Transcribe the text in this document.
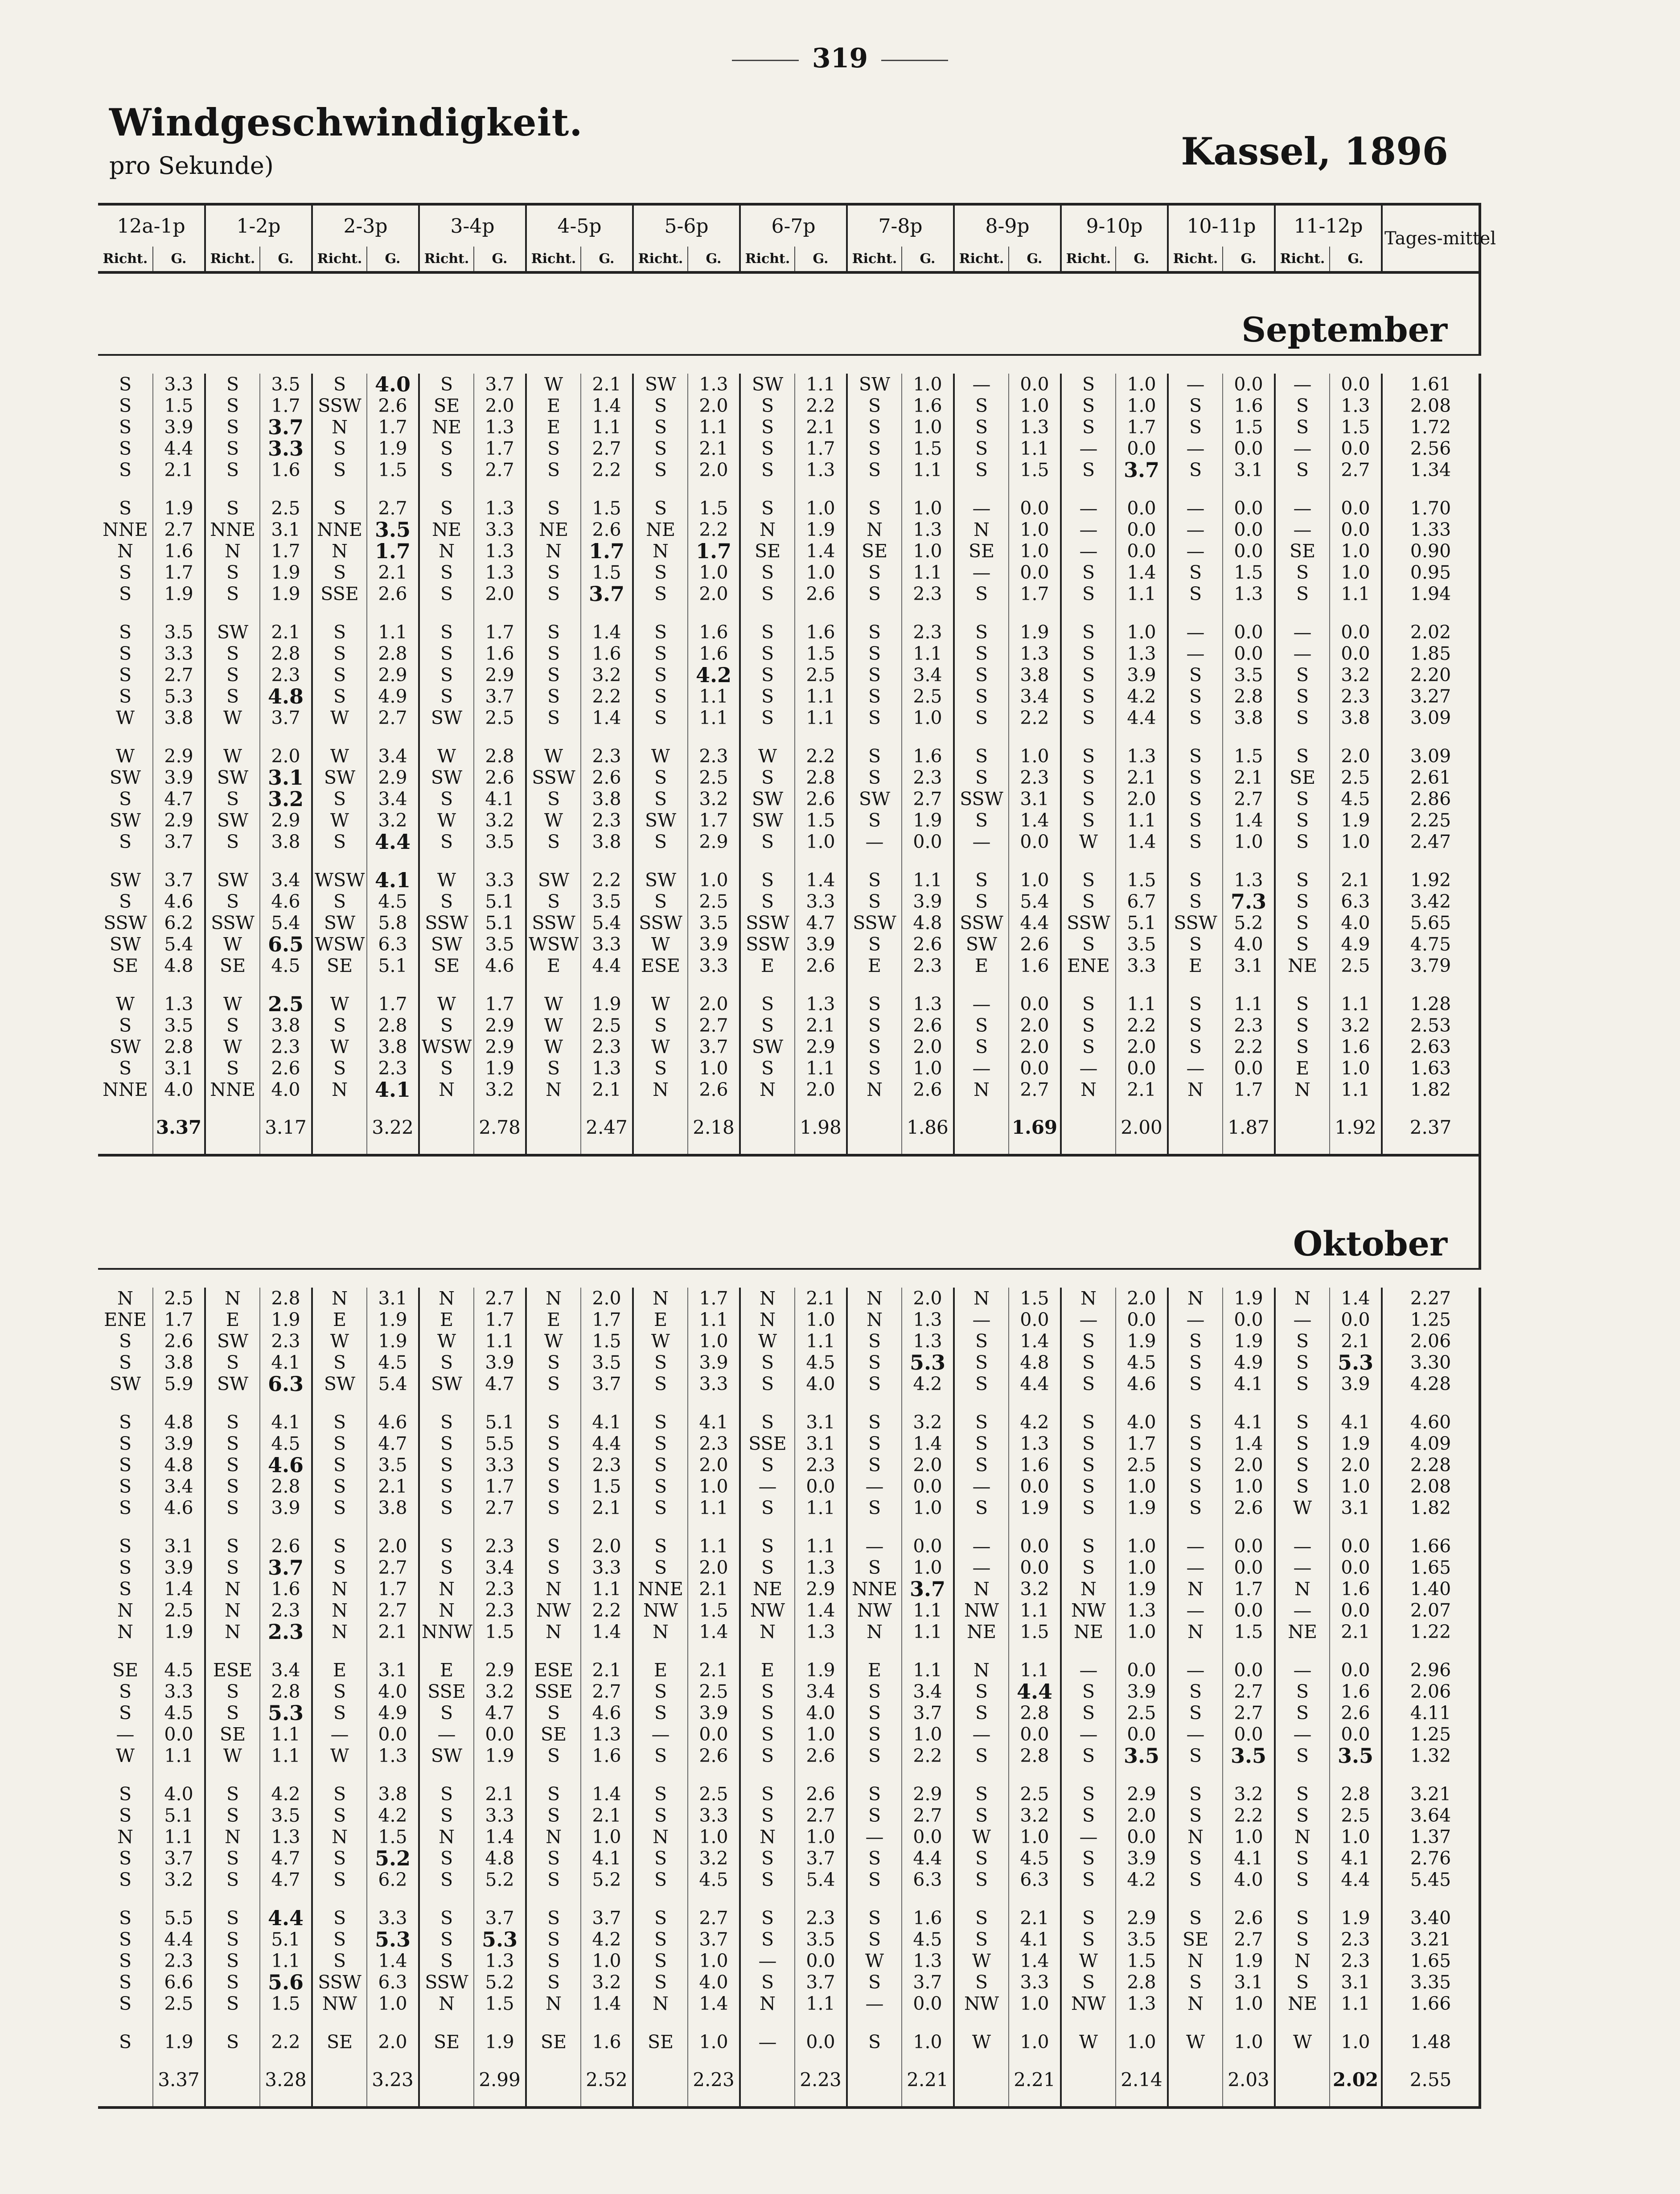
319
Windgeschwindigkeit.
pro Sekunde)	Kassel, 1896
12a-1p		1-2p		2-3p		3-4p		4-5p		5-6p		6-7p		7-8p		8-9p		9-10p		10-11p		11-12p		Tages-mittel
Richt.	G.	Richt.	G.	Richt.	G.	Richt.	G.	Richt.	G.	Richt.	G.	Richt.	G.	Richt.	G.	Richt.	G.	Richt.	G.	Richt.	G.	Richt.	G.	
September																								

S	3.3	S	3.5	S	4.0	S	3.7	W	2.1	SW	1.3	SW	1.1	SW	1.0	—	0.0	S	1.0	—	0.0	—	0.0	1.61
S	1.5	S	1.7	SSW	2.6	SE	2.0	E	1.4	S	2.0	S	2.2	S	1.6	S	1.0	S	1.0	S	1.6	S	1.3	2.08
S	3.9	S	3.7	N	1.7	NE	1.3	E	1.1	S	1.1	S	2.1	S	1.0	S	1.3	S	1.7	S	1.5	S	1.5	1.72
S	4.4	S	3.3	S	1.9	S	1.7	S	2.7	S	2.1	S	1.7	S	1.5	S	1.1	—	0.0	—	0.0	—	0.0	2.56
S	2.1	S	1.6	S	1.5	S	2.7	S	2.2	S	2.0	S	1.3	S	1.1	S	1.5	S	3.7	S	3.1	S	2.7	1.34
S	1.9	S	2.5	S	2.7	S	1.3	S	1.5	S	1.5	S	1.0	S	1.0	—	0.0	—	0.0	—	0.0	—	0.0	1.70
NNE	2.7	NNE	3.1	NNE	3.5	NE	3.3	NE	2.6	NE	2.2	N	1.9	N	1.3	N	1.0	—	0.0	—	0.0	—	0.0	1.33
N	1.6	N	1.7	N	1.7	N	1.3	N	1.7	N	1.7	SE	1.4	SE	1.0	SE	1.0	—	0.0	—	0.0	SE	1.0	0.90
S	1.7	S	1.9	S	2.1	S	1.3	S	1.5	S	1.0	S	1.0	S	1.1	—	0.0	S	1.4	S	1.5	S	1.0	0.95
S	1.9	S	1.9	SSE	2.6	S	2.0	S	3.7	S	2.0	S	2.6	S	2.3	S	1.7	S	1.1	S	1.3	S	1.1	1.94
S	3.5	SW	2.1	S	1.1	S	1.7	S	1.4	S	1.6	S	1.6	S	2.3	S	1.9	S	1.0	—	0.0	—	0.0	2.02
S	3.3	S	2.8	S	2.8	S	1.6	S	1.6	S	1.6	S	1.5	S	1.1	S	1.3	S	1.3	—	0.0	—	0.0	1.85
S	2.7	S	2.3	S	2.9	S	2.9	S	3.2	S	4.2	S	2.5	S	3.4	S	3.8	S	3.9	S	3.5	S	3.2	2.20
S	5.3	S	4.8	S	4.9	S	3.7	S	2.2	S	1.1	S	1.1	S	2.5	S	3.4	S	4.2	S	2.8	S	2.3	3.27
W	3.8	W	3.7	W	2.7	SW	2.5	S	1.4	S	1.1	S	1.1	S	1.0	S	2.2	S	4.4	S	3.8	S	3.8	3.09
W	2.9	W	2.0	W	3.4	W	2.8	W	2.3	W	2.3	W	2.2	S	1.6	S	1.0	S	1.3	S	1.5	S	2.0	3.09
SW	3.9	SW	3.1	SW	2.9	SW	2.6	SSW	2.6	S	2.5	S	2.8	S	2.3	S	2.3	S	2.1	S	2.1	SE	2.5	2.61
S	4.7	S	3.2	S	3.4	S	4.1	S	3.8	S	3.2	SW	2.6	SW	2.7	SSW	3.1	S	2.0	S	2.7	S	4.5	2.86
SW	2.9	SW	2.9	W	3.2	W	3.2	W	2.3	SW	1.7	SW	1.5	S	1.9	S	1.4	S	1.1	S	1.4	S	1.9	2.25
S	3.7	S	3.8	S	4.4	S	3.5	S	3.8	S	2.9	S	1.0	—	0.0	—	0.0	W	1.4	S	1.0	S	1.0	2.47
SW	3.7	SW	3.4	WSW	4.1	W	3.3	SW	2.2	SW	1.0	S	1.4	S	1.1	S	1.0	S	1.5	S	1.3	S	2.1	1.92
S	4.6	S	4.6	S	4.5	S	5.1	S	3.5	S	2.5	S	3.3	S	3.9	S	5.4	S	6.7	S	7.3	S	6.3	3.42
SSW	6.2	SSW	5.4	SW	5.8	SSW	5.1	SSW	5.4	SSW	3.5	SSW	4.7	SSW	4.8	SSW	4.4	SSW	5.1	SSW	5.2	S	4.0	5.65
SW	5.4	W	6.5	WSW	6.3	SW	3.5	WSW	3.3	W	3.9	SSW	3.9	S	2.6	SW	2.6	S	3.5	S	4.0	S	4.9	4.75
SE	4.8	SE	4.5	SE	5.1	SE	4.6	E	4.4	ESE	3.3	E	2.6	E	2.3	E	1.6	ENE	3.3	E	3.1	NE	2.5	3.79
W	1.3	W	2.5	W	1.7	W	1.7	W	1.9	W	2.0	S	1.3	S	1.3	—	0.0	S	1.1	S	1.1	S	1.1	1.28
S	3.5	S	3.8	S	2.8	S	2.9	W	2.5	S	2.7	S	2.1	S	2.6	S	2.0	S	2.2	S	2.3	S	3.2	2.53
SW	2.8	W	2.3	W	3.8	WSW	2.9	W	2.3	W	3.7	SW	2.9	S	2.0	S	2.0	S	2.0	S	2.2	S	1.6	2.63
S	3.1	S	2.6	S	2.3	S	1.9	S	1.3	S	1.0	S	1.1	S	1.0	—	0.0	—	0.0	—	0.0	E	1.0	1.63
NNE	4.0	NNE	4.0	N	4.1	N	3.2	N	2.1	N	2.6	N	2.0	N	2.6	N	2.7	N	2.1	N	1.7	N	1.1	1.82
	3.37		3.17		3.22		2.78		2.47		2.18		1.98		1.86		1.69		2.00		1.87		1.92	2.37
Oktober																								

N	2.5	N	2.8	N	3.1	N	2.7	N	2.0	N	1.7	N	2.1	N	2.0	N	1.5	N	2.0	N	1.9	N	1.4	2.27
ENE	1.7	E	1.9	E	1.9	E	1.7	E	1.7	E	1.1	N	1.0	N	1.3	—	0.0	—	0.0	—	0.0	—	0.0	1.25
S	2.6	SW	2.3	W	1.9	W	1.1	W	1.5	W	1.0	W	1.1	S	1.3	S	1.4	S	1.9	S	1.9	S	2.1	2.06
S	3.8	S	4.1	S	4.5	S	3.9	S	3.5	S	3.9	S	4.5	S	5.3	S	4.8	S	4.5	S	4.9	S	5.3	3.30
SW	5.9	SW	6.3	SW	5.4	SW	4.7	S	3.7	S	3.3	S	4.0	S	4.2	S	4.4	S	4.6	S	4.1	S	3.9	4.28
S	4.8	S	4.1	S	4.6	S	5.1	S	4.1	S	4.1	S	3.1	S	3.2	S	4.2	S	4.0	S	4.1	S	4.1	4.60
S	3.9	S	4.5	S	4.7	S	5.5	S	4.4	S	2.3	SSE	3.1	S	1.4	S	1.3	S	1.7	S	1.4	S	1.9	4.09
S	4.8	S	4.6	S	3.5	S	3.3	S	2.3	S	2.0	S	2.3	S	2.0	S	1.6	S	2.5	S	2.0	S	2.0	2.28
S	3.4	S	2.8	S	2.1	S	1.7	S	1.5	S	1.0	—	0.0	—	0.0	—	0.0	S	1.0	S	1.0	S	1.0	2.08
S	4.6	S	3.9	S	3.8	S	2.7	S	2.1	S	1.1	S	1.1	S	1.0	S	1.9	S	1.9	S	2.6	W	3.1	1.82
S	3.1	S	2.6	S	2.0	S	2.3	S	2.0	S	1.1	S	1.1	—	0.0	—	0.0	S	1.0	—	0.0	—	0.0	1.66
S	3.9	S	3.7	S	2.7	S	3.4	S	3.3	S	2.0	S	1.3	S	1.0	—	0.0	S	1.0	—	0.0	—	0.0	1.65
S	1.4	N	1.6	N	1.7	N	2.3	N	1.1	NNE	2.1	NE	2.9	NNE	3.7	N	3.2	N	1.9	N	1.7	N	1.6	1.40
N	2.5	N	2.3	N	2.7	N	2.3	NW	2.2	NW	1.5	NW	1.4	NW	1.1	NW	1.1	NW	1.3	—	0.0	—	0.0	2.07
N	1.9	N	2.3	N	2.1	NNW	1.5	N	1.4	N	1.4	N	1.3	N	1.1	NE	1.5	NE	1.0	N	1.5	NE	2.1	1.22
SE	4.5	ESE	3.4	E	3.1	E	2.9	ESE	2.1	E	2.1	E	1.9	E	1.1	N	1.1	—	0.0	—	0.0	—	0.0	2.96
S	3.3	S	2.8	S	4.0	SSE	3.2	SSE	2.7	S	2.5	S	3.4	S	3.4	S	4.4	S	3.9	S	2.7	S	1.6	2.06
S	4.5	S	5.3	S	4.9	S	4.7	S	4.6	S	3.9	S	4.0	S	3.7	S	2.8	S	2.5	S	2.7	S	2.6	4.11
—	0.0	SE	1.1	—	0.0	—	0.0	SE	1.3	—	0.0	S	1.0	S	1.0	—	0.0	—	0.0	—	0.0	—	0.0	1.25
W	1.1	W	1.1	W	1.3	SW	1.9	S	1.6	S	2.6	S	2.6	S	2.2	S	2.8	S	3.5	S	3.5	S	3.5	1.32
S	4.0	S	4.2	S	3.8	S	2.1	S	1.4	S	2.5	S	2.6	S	2.9	S	2.5	S	2.9	S	3.2	S	2.8	3.21
S	5.1	S	3.5	S	4.2	S	3.3	S	2.1	S	3.3	S	2.7	S	2.7	S	3.2	S	2.0	S	2.2	S	2.5	3.64
N	1.1	N	1.3	N	1.5	N	1.4	N	1.0	N	1.0	N	1.0	—	0.0	W	1.0	—	0.0	N	1.0	N	1.0	1.37
S	3.7	S	4.7	S	5.2	S	4.8	S	4.1	S	3.2	S	3.7	S	4.4	S	4.5	S	3.9	S	4.1	S	4.1	2.76
S	3.2	S	4.7	S	6.2	S	5.2	S	5.2	S	4.5	S	5.4	S	6.3	S	6.3	S	4.2	S	4.0	S	4.4	5.45
S	5.5	S	4.4	S	3.3	S	3.7	S	3.7	S	2.7	S	2.3	S	1.6	S	2.1	S	2.9	S	2.6	S	1.9	3.40
S	4.4	S	5.1	S	5.3	S	5.3	S	4.2	S	3.7	S	3.5	S	4.5	S	4.1	S	3.5	SE	2.7	S	2.3	3.21
S	2.3	S	1.1	S	1.4	S	1.3	S	1.0	S	1.0	—	0.0	W	1.3	W	1.4	W	1.5	N	1.9	N	2.3	1.65
S	6.6	S	5.6	SSW	6.3	SSW	5.2	S	3.2	S	4.0	S	3.7	S	3.7	S	3.3	S	2.8	S	3.1	S	3.1	3.35
S	2.5	S	1.5	NW	1.0	N	1.5	N	1.4	N	1.4	N	1.1	—	0.0	NW	1.0	NW	1.3	N	1.0	NE	1.1	1.66
S	1.9	S	2.2	SE	2.0	SE	1.9	SE	1.6	SE	1.0	—	0.0	S	1.0	W	1.0	W	1.0	W	1.0	W	1.0	1.48
	3.37		3.28		3.23		2.99		2.52		2.23		2.23		2.21		2.21		2.14		2.03		2.02	2.55
